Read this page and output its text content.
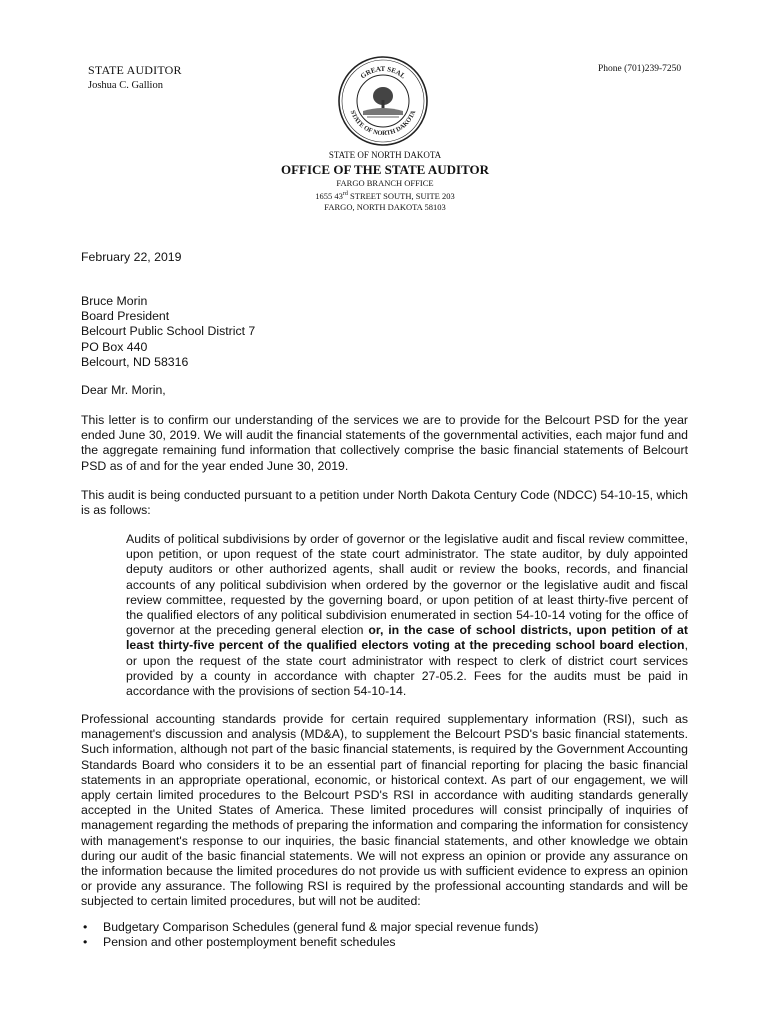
STATE AUDITOR
Joshua C. Gallion
Phone (701)239-7250
GREAT SEAL
STATE OF NORTH DAKOTA
STATE OF NORTH DAKOTA
OFFICE OF THE STATE AUDITOR
FARGO BRANCH OFFICE
1655 43rd STREET SOUTH, SUITE 203
FARGO, NORTH DAKOTA 58103
February 22, 2019
Bruce Morin
Board President
Belcourt Public School District 7
PO Box 440
Belcourt, ND 58316
Dear Mr. Morin,
This letter is to confirm our understanding of the services we are to provide for the Belcourt PSD for the year ended June 30, 2019. We will audit the financial statements of the governmental activities, each major fund and the aggregate remaining fund information that collectively comprise the basic financial statements of Belcourt PSD as of and for the year ended June 30, 2019.
This audit is being conducted pursuant to a petition under North Dakota Century Code (NDCC) 54-10-15, which is as follows:
Audits of political subdivisions by order of governor or the legislative audit and fiscal review committee, upon petition, or upon request of the state court administrator. The state auditor, by duly appointed deputy auditors or other authorized agents, shall audit or review the books, records, and financial accounts of any political subdivision when ordered by the governor or the legislative audit and fiscal review committee, requested by the governing board, or upon petition of at least thirty-five percent of the qualified electors of any political subdivision enumerated in section 54-10-14 voting for the office of governor at the preceding general election or, in the case of school districts, upon petition of at least thirty-five percent of the qualified electors voting at the preceding school board election, or upon the request of the state court administrator with respect to clerk of district court services provided by a county in accordance with chapter 27-05.2. Fees for the audits must be paid in accordance with the provisions of section 54-10-14.
Professional accounting standards provide for certain required supplementary information (RSI), such as management's discussion and analysis (MD&A), to supplement the Belcourt PSD's basic financial statements. Such information, although not part of the basic financial statements, is required by the Government Accounting Standards Board who considers it to be an essential part of financial reporting for placing the basic financial statements in an appropriate operational, economic, or historical context. As part of our engagement, we will apply certain limited procedures to the Belcourt PSD's RSI in accordance with auditing standards generally accepted in the United States of America. These limited procedures will consist principally of inquiries of management regarding the methods of preparing the information and comparing the information for consistency with management's response to our inquiries, the basic financial statements, and other knowledge we obtain during our audit of the basic financial statements. We will not express an opinion or provide any assurance on the information because the limited procedures do not provide us with sufficient evidence to express an opinion or provide any assurance. The following RSI is required by the professional accounting standards and will be subjected to certain limited procedures, but will not be audited:
• Budgetary Comparison Schedules (general fund & major special revenue funds)
• Pension and other postemployment benefit schedules
